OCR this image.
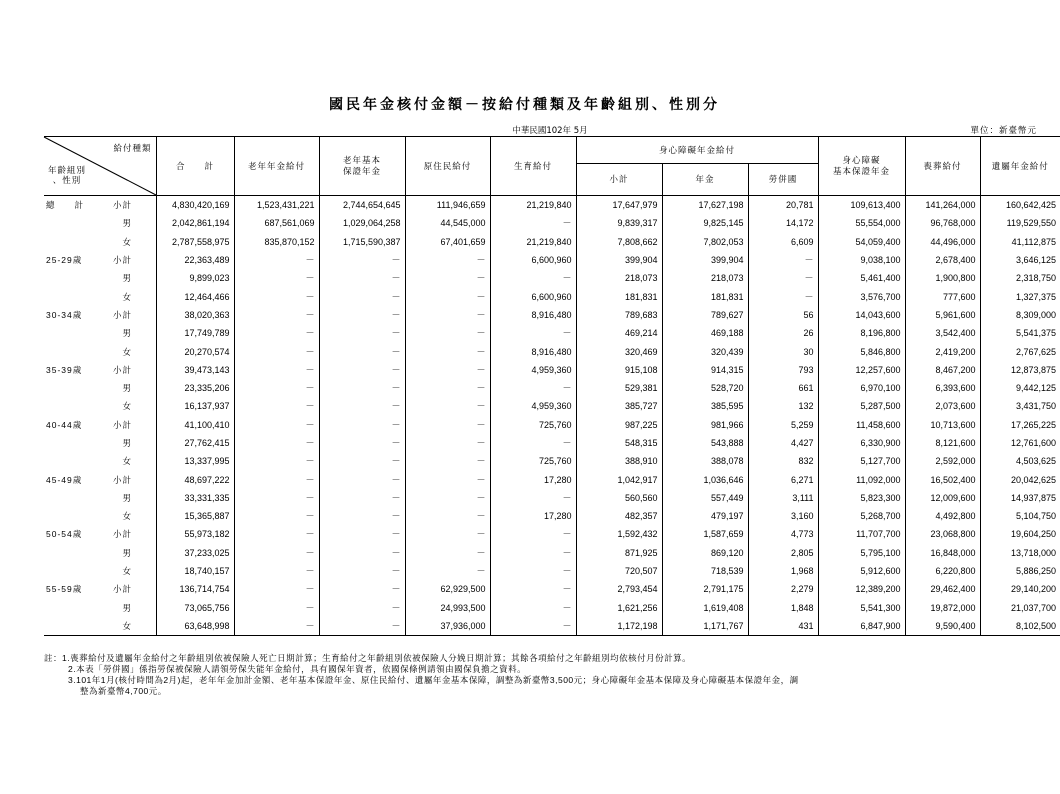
國民年金核付金額－按給付種類及年齡組別、性別分
中華民國102年 5月	單位：新臺幣元
給付種類
年齡組別
、性別	合　　計	老年年金給付	老年基本
保證年金	原住民給付	生育給付	身心障礙年金給付			身心障礙
基本保證年金	喪葬給付	遺屬年金給付
						小計	年金	勞併國			
總　　計 小計	4,830,420,169	1,523,431,221	2,744,654,645	111,946,659	21,219,840	17,647,979	17,627,198	20,781	109,613,400	141,264,000	160,642,425
男	2,042,861,194	687,561,069	1,029,064,258	44,545,000	－	9,839,317	9,825,145	14,172	55,554,000	96,768,000	119,529,550
女	2,787,558,975	835,870,152	1,715,590,387	67,401,659	21,219,840	7,808,662	7,802,053	6,609	54,059,400	44,496,000	41,112,875
25-29歲 小計	22,363,489	－	－	－	6,600,960	399,904	399,904	－	9,038,100	2,678,400	3,646,125
男	9,899,023	－	－	－	－	218,073	218,073	－	5,461,400	1,900,800	2,318,750
女	12,464,466	－	－	－	6,600,960	181,831	181,831	－	3,576,700	777,600	1,327,375
30-34歲 小計	38,020,363	－	－	－	8,916,480	789,683	789,627	56	14,043,600	5,961,600	8,309,000
男	17,749,789	－	－	－	－	469,214	469,188	26	8,196,800	3,542,400	5,541,375
女	20,270,574	－	－	－	8,916,480	320,469	320,439	30	5,846,800	2,419,200	2,767,625
35-39歲 小計	39,473,143	－	－	－	4,959,360	915,108	914,315	793	12,257,600	8,467,200	12,873,875
男	23,335,206	－	－	－	－	529,381	528,720	661	6,970,100	6,393,600	9,442,125
女	16,137,937	－	－	－	4,959,360	385,727	385,595	132	5,287,500	2,073,600	3,431,750
40-44歲 小計	41,100,410	－	－	－	725,760	987,225	981,966	5,259	11,458,600	10,713,600	17,265,225
男	27,762,415	－	－	－	－	548,315	543,888	4,427	6,330,900	8,121,600	12,761,600
女	13,337,995	－	－	－	725,760	388,910	388,078	832	5,127,700	2,592,000	4,503,625
45-49歲 小計	48,697,222	－	－	－	17,280	1,042,917	1,036,646	6,271	11,092,000	16,502,400	20,042,625
男	33,331,335	－	－	－	－	560,560	557,449	3,111	5,823,300	12,009,600	14,937,875
女	15,365,887	－	－	－	17,280	482,357	479,197	3,160	5,268,700	4,492,800	5,104,750
50-54歲 小計	55,973,182	－	－	－	－	1,592,432	1,587,659	4,773	11,707,700	23,068,800	19,604,250
男	37,233,025	－	－	－	－	871,925	869,120	2,805	5,795,100	16,848,000	13,718,000
女	18,740,157	－	－	－	－	720,507	718,539	1,968	5,912,600	6,220,800	5,886,250
55-59歲 小計	136,714,754	－	－	62,929,500	－	2,793,454	2,791,175	2,279	12,389,200	29,462,400	29,140,200
男	73,065,756	－	－	24,993,500	－	1,621,256	1,619,408	1,848	5,541,300	19,872,000	21,037,700
女	63,648,998	－	－	37,936,000	－	1,172,198	1,171,767	431	6,847,900	9,590,400	8,102,500
註：1.喪葬給付及遺屬年金給付之年齡組別依被保險人死亡日期計算；生育給付之年齡組別依被保險人分娩日期計算；其餘各項給付之年齡組別均依核付月份計算。
2.本表「勞併國」係指勞保被保險人請領勞保失能年金給付，具有國保年資者，依國保條例請領由國保負擔之資料。
3.101年1月(核付時間為2月)起，老年年金加計金額、老年基本保證年金、原住民給付、遺屬年金基本保障，調整為新臺幣3,500元；身心障礙年金基本保障及身心障礙基本保證年金，調
整為新臺幣4,700元。
